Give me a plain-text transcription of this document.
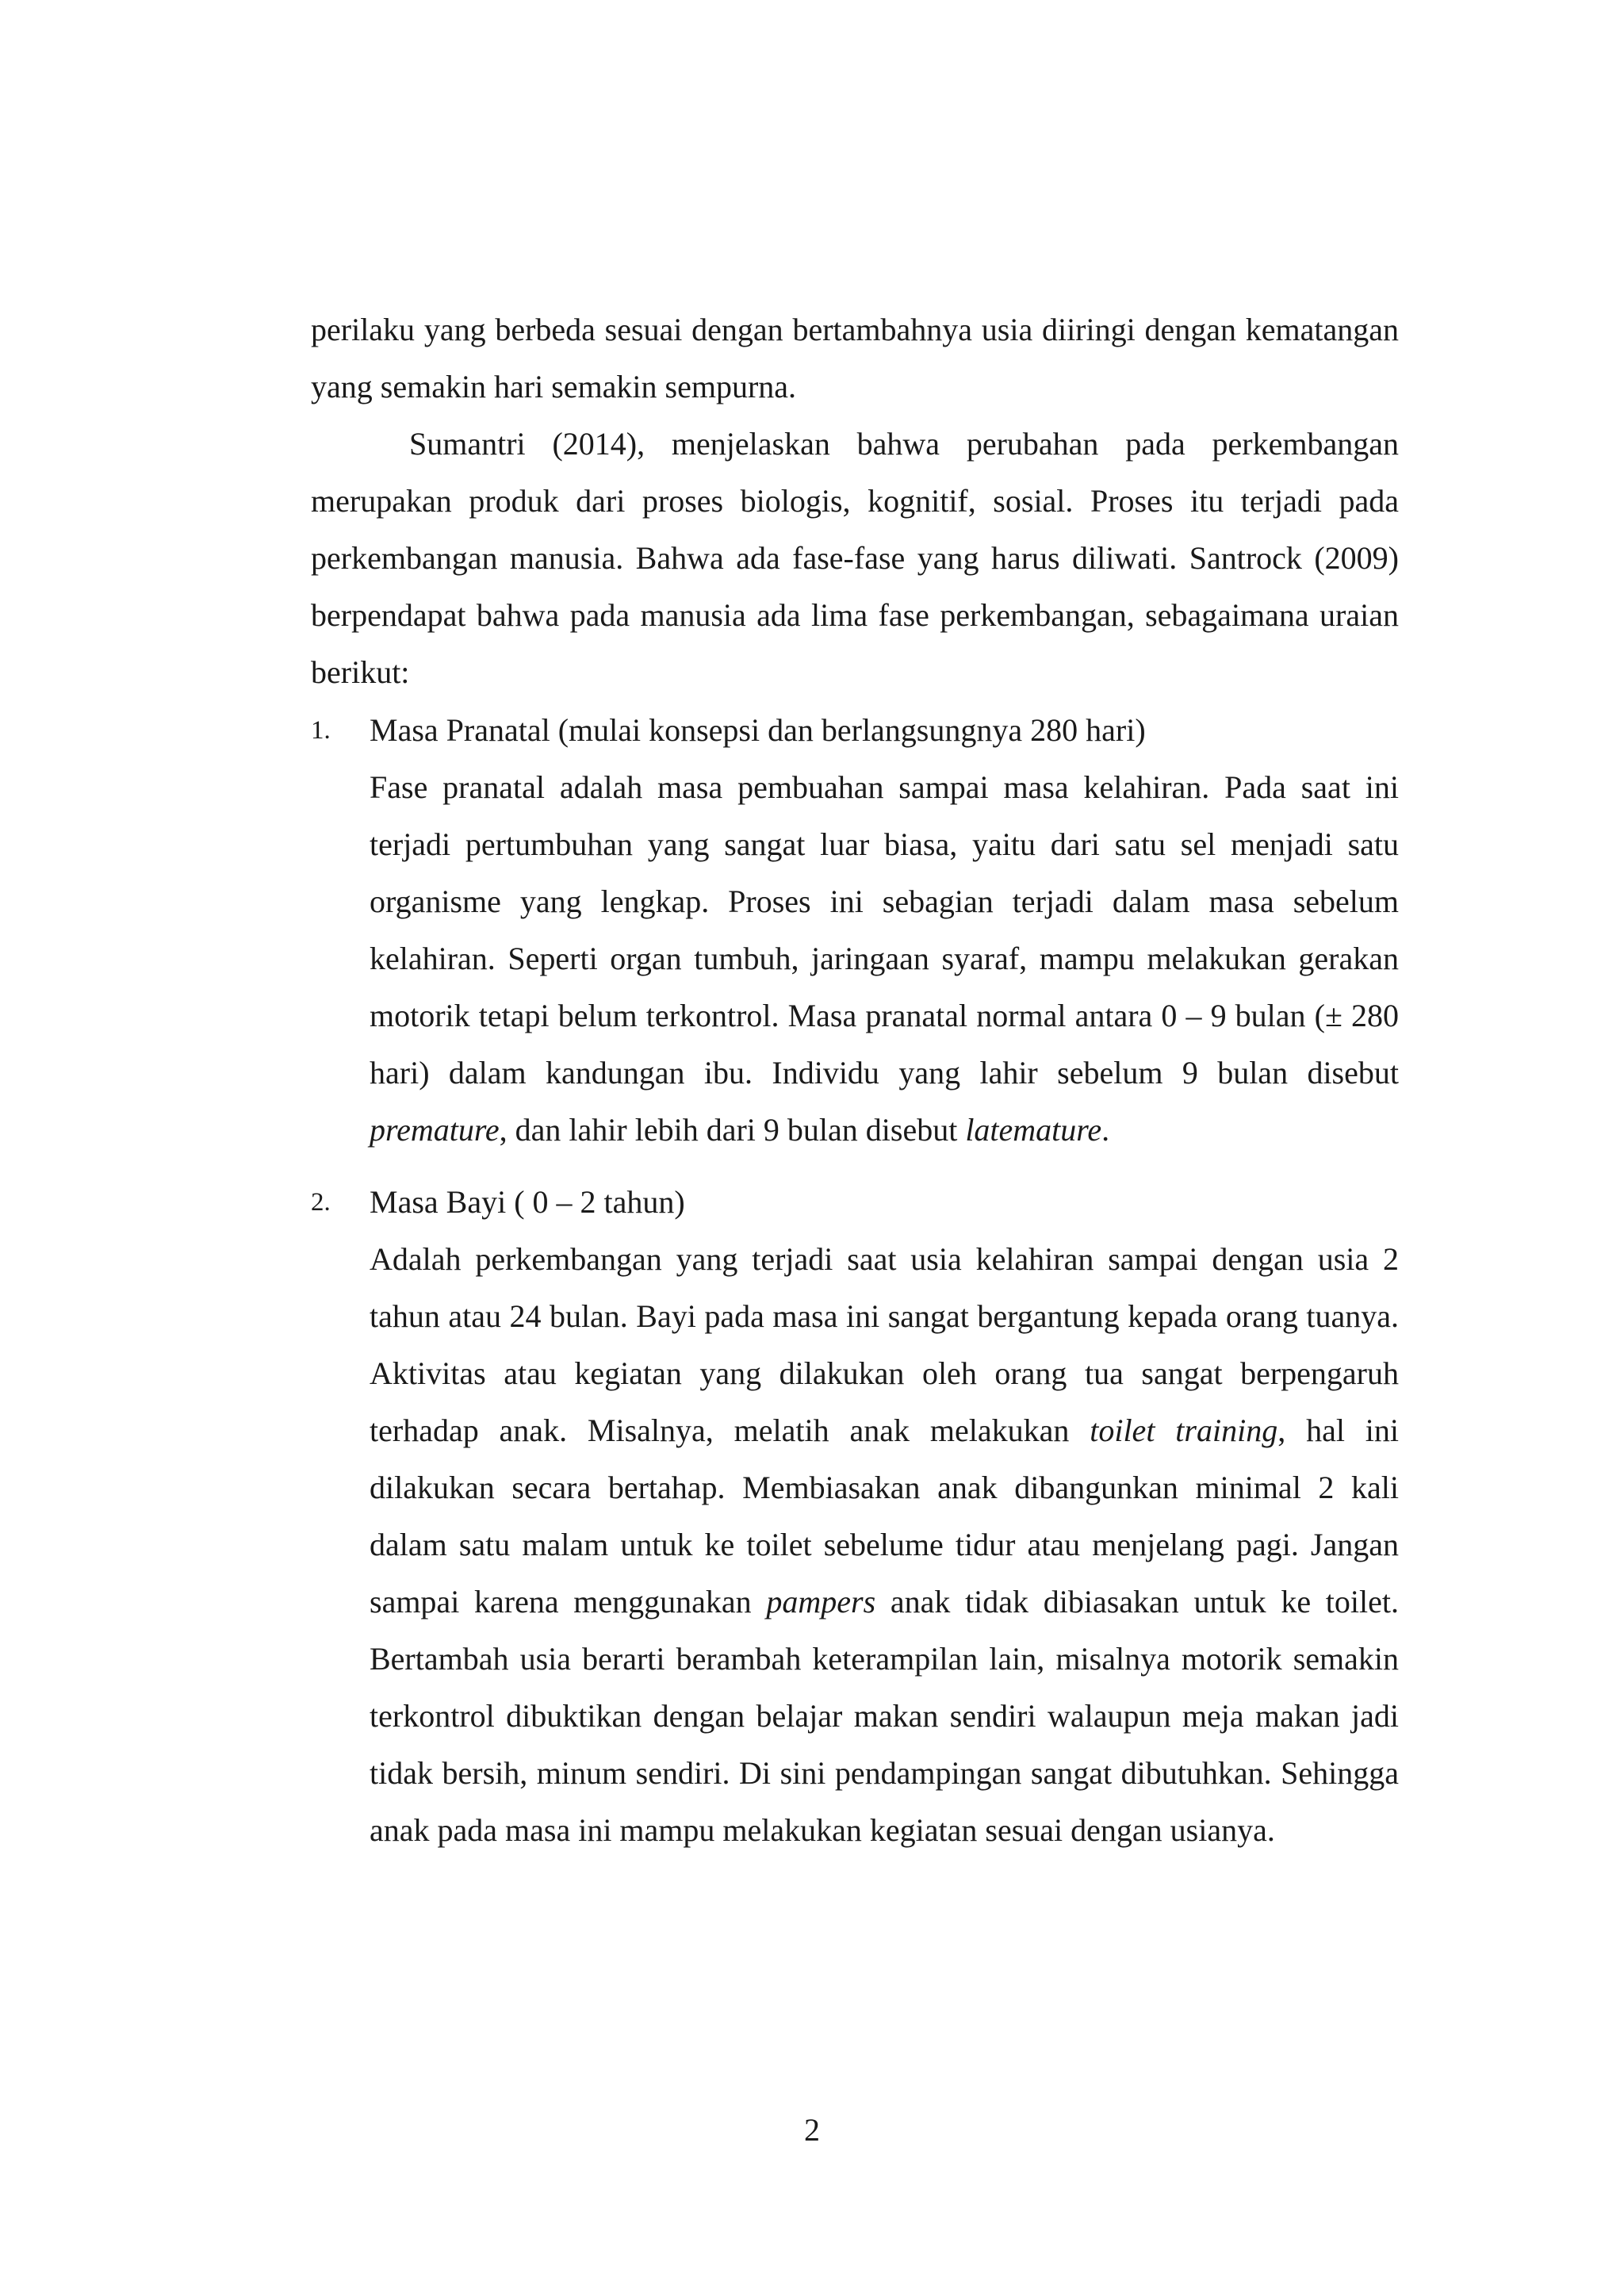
perilaku yang berbeda sesuai dengan bertambahnya usia diiringi dengan kematangan yang semakin hari semakin sempurna.

Sumantri (2014), menjelaskan bahwa perubahan pada perkembangan merupakan produk dari proses biologis, kognitif, sosial. Proses itu terjadi pada perkembangan manusia. Bahwa ada fase-fase yang harus diliwati. Santrock (2009) berpendapat bahwa pada manusia ada lima fase perkembangan, sebagaimana uraian berikut:

1. Masa Pranatal (mulai konsepsi dan berlangsungnya 280 hari)

Fase pranatal adalah masa pembuahan sampai masa kelahiran. Pada saat ini terjadi pertumbuhan yang sangat luar biasa, yaitu dari satu sel menjadi satu organisme yang lengkap. Proses ini sebagian terjadi dalam masa sebelum kelahiran. Seperti organ tumbuh, jaringaan syaraf, mampu melakukan gerakan motorik tetapi belum terkontrol. Masa pranatal normal antara 0 – 9 bulan (± 280 hari) dalam kandungan ibu. Individu yang lahir sebelum 9 bulan disebut premature, dan lahir lebih dari 9 bulan disebut latemature.

2. Masa Bayi ( 0 – 2 tahun)

Adalah perkembangan yang terjadi saat usia kelahiran sampai dengan usia 2 tahun atau 24 bulan. Bayi pada masa ini sangat bergantung kepada orang tuanya. Aktivitas atau kegiatan yang dilakukan oleh orang tua sangat berpengaruh terhadap anak. Misalnya, melatih anak melakukan toilet training, hal ini dilakukan secara bertahap. Membiasakan anak dibangunkan minimal 2 kali dalam satu malam untuk ke toilet sebelume tidur atau menjelang pagi. Jangan sampai karena menggunakan pampers anak tidak dibiasakan untuk ke toilet. Bertambah usia berarti berambah keterampilan lain, misalnya motorik semakin terkontrol dibuktikan dengan belajar makan sendiri walaupun meja makan jadi tidak bersih, minum sendiri. Di sini pendampingan sangat dibutuhkan. Sehingga anak pada masa ini mampu melakukan kegiatan sesuai dengan usianya.

2
